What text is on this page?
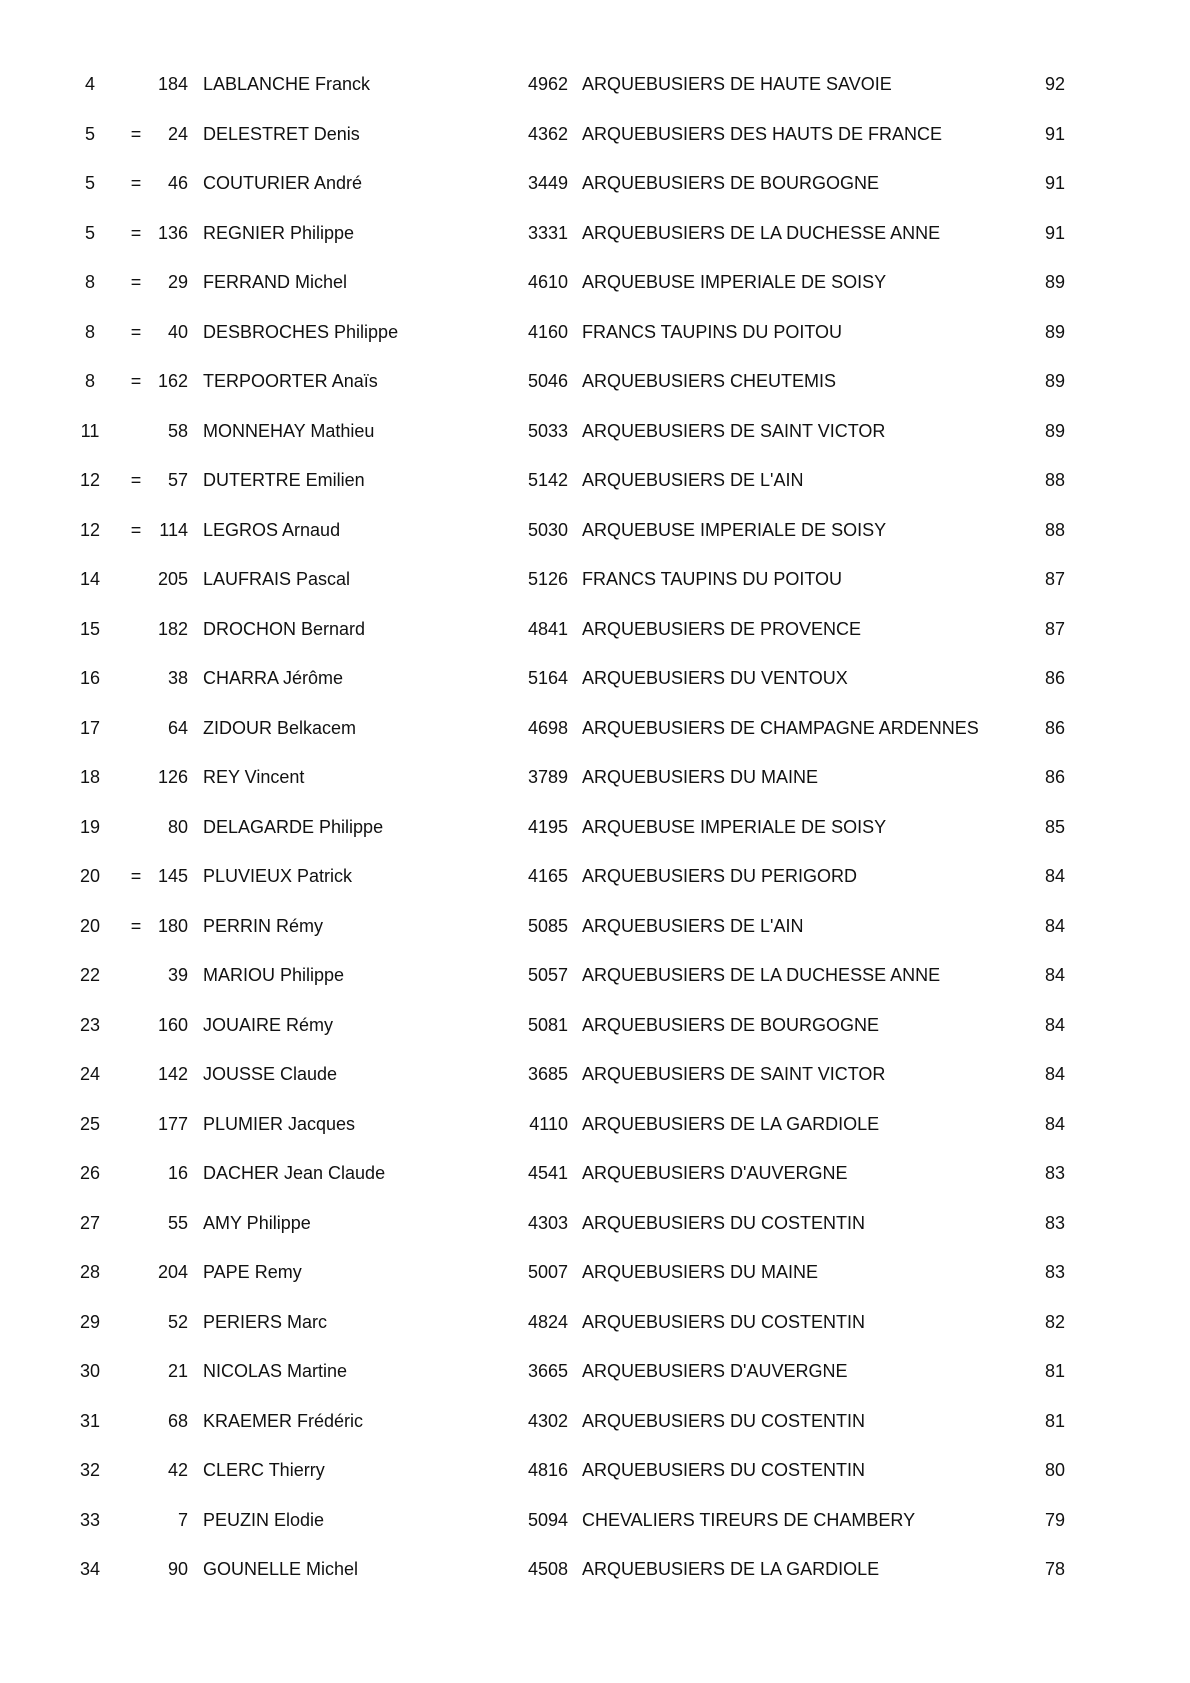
4	184 LABLANCHE Franck	4962 ARQUEBUSIERS DE HAUTE SAVOIE	92
5	=	24 DELESTRET Denis	4362 ARQUEBUSIERS DES HAUTS DE FRANCE	91
5	=	46 COUTURIER André	3449 ARQUEBUSIERS DE BOURGOGNE	91
5	= 136 REGNIER Philippe	3331 ARQUEBUSIERS DE LA DUCHESSE ANNE	91
8	=	29 FERRAND Michel	4610 ARQUEBUSE IMPERIALE DE SOISY	89
8	=	40 DESBROCHES Philippe	4160 FRANCS TAUPINS DU POITOU	89
8	= 162 TERPOORTER Anaïs	5046 ARQUEBUSIERS CHEUTEMIS	89
11	58 MONNEHAY Mathieu	5033 ARQUEBUSIERS DE SAINT VICTOR	89
12	=	57 DUTERTRE Emilien	5142 ARQUEBUSIERS DE L'AIN	88
12	=	114 LEGROS Arnaud	5030 ARQUEBUSE IMPERIALE DE SOISY	88
14	205 LAUFRAIS Pascal	5126 FRANCS TAUPINS DU POITOU	87
15	182 DROCHON Bernard	4841 ARQUEBUSIERS DE PROVENCE	87
16	38 CHARRA Jérôme	5164 ARQUEBUSIERS DU VENTOUX	86
17	64 ZIDOUR Belkacem	4698 ARQUEBUSIERS DE CHAMPAGNE ARDENNES	86
18	126 REY Vincent	3789 ARQUEBUSIERS DU MAINE	86
19	80 DELAGARDE Philippe	4195 ARQUEBUSE IMPERIALE DE SOISY	85
20	= 145 PLUVIEUX Patrick	4165 ARQUEBUSIERS DU PERIGORD	84
20	= 180 PERRIN Rémy	5085 ARQUEBUSIERS DE L'AIN	84
22	39 MARIOU Philippe	5057 ARQUEBUSIERS DE LA DUCHESSE ANNE	84
23	160 JOUAIRE Rémy	5081 ARQUEBUSIERS DE BOURGOGNE	84
24	142 JOUSSE Claude	3685 ARQUEBUSIERS DE SAINT VICTOR	84
25	177 PLUMIER Jacques	4110 ARQUEBUSIERS DE LA GARDIOLE	84
26	16 DACHER Jean Claude	4541 ARQUEBUSIERS D'AUVERGNE	83
27	55 AMY Philippe	4303 ARQUEBUSIERS DU COSTENTIN	83
28	204 PAPE Remy	5007 ARQUEBUSIERS DU MAINE	83
29	52 PERIERS Marc	4824 ARQUEBUSIERS DU COSTENTIN	82
30	21 NICOLAS Martine	3665 ARQUEBUSIERS D'AUVERGNE	81
31	68 KRAEMER Frédéric	4302 ARQUEBUSIERS DU COSTENTIN	81
32	42 CLERC Thierry	4816 ARQUEBUSIERS DU COSTENTIN	80
33	7 PEUZIN Elodie	5094 CHEVALIERS TIREURS DE CHAMBERY	79
34	90 GOUNELLE Michel	4508 ARQUEBUSIERS DE LA GARDIOLE	78
